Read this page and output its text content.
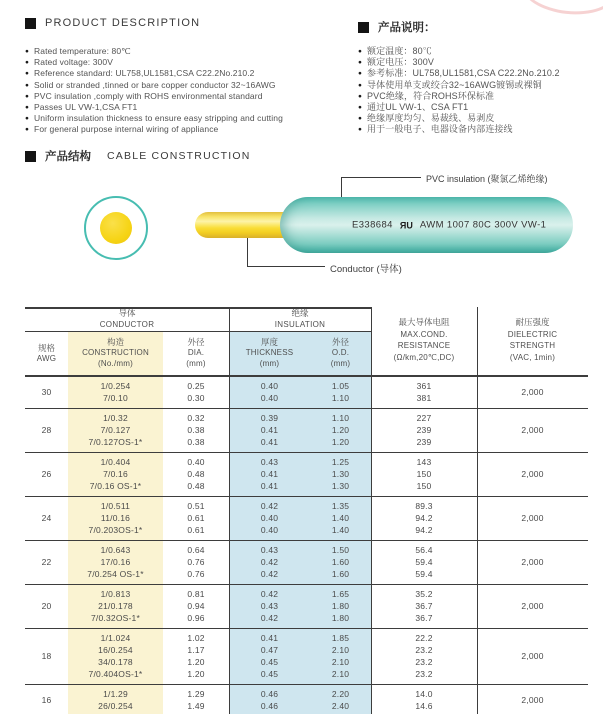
PRODUCT DESCRIPTION
● Rated temperature: 80℃
● Rated voltage: 300V
● Reference standard: UL758,UL1581,CSA C22.2No.210.2
● Solid or stranded ,tinned or bare copper conductor 32~16AWG
● PVC insulation ,comply with ROHS environmental standard
● Passes UL VW-1,CSA FT1
● Uniform insulation thickness to ensure easy stripping and cutting
● For general purpose internal wiring of appliance
产品说明：
● 额定温度：80℃
● 额定电压：300V
● 参考标准：UL758,UL1581,CSA C22.2No.210.2
● 导体使用单支或绞合32~16AWG镀锡或裸铜
● PVC绝缘，符合ROHS环保标准
● 通过UL VW-1、CSA FT1
● 绝缘厚度均匀、易裁线、易剥皮
● 用于一般电子、电器设备内部连接线
产品结构 CABLE CONSTRUCTION
E338684 ЯU AWM 1007 80C 300V VW-1
PVC insulation (聚氯乙烯绝缘)
Conductor (导体)
导体
CONDUCTOR
绝缘
INSULATION	最大导体电阻
MAX.COND.
RESISTANCE
(Ω/km,20℃,DC)
耐压强度
DIELECTRIC
STRENGTH
(VAC, 1min)
规格
AWG
构造
CONSTRUCTION
(No./mm)
外径
DIA.
(mm)
厚度
THICKNESS
(mm)
外径
O.D.
(mm)
30
1/0.254
7/0.10
0.25
0.30
0.40
0.40
1.05
1.10
361
381
2,000
28
1/0.32
7/0.127
7/0.127OS-1*
0.32
0.38
0.38
0.39
0.41
0.41
1.10
1.20
1.20
227
239
239
2,000
26
1/0.404
7/0.16
7/0.16 OS-1*
0.40
0.48
0.48
0.43
0.41
0.41
1.25
1.30
1.30
143
150
150
2,000
24
1/0.511
11/0.16
7/0.203OS-1*
0.51
0.61
0.61
0.42
0.40
0.40
1.35
1.40
1.40
89.3
94.2
94.2
2,000
22
1/0.643
17/0.16
7/0.254 OS-1*
0.64
0.76
0.76
0.43
0.42
0.42
1.50
1.60
1.60
56.4
59.4
59.4
2,000
20
1/0.813
21/0.178
7/0.32OS-1*
0.81
0.94
0.96
0.42
0.43
0.42
1.65
1.80
1.80
35.2
36.7
36.7
2,000
18
1/1.024
16/0.254
34/0.178
7/0.404OS-1*
1.02
1.17
1.20
1.20
0.41
0.47
0.45
0.45
1.85
2.10
2.10
2.10
22.2
23.2
23.2
23.2
2,000
16
1/1.29
26/0.254
1.29
1.49
0.46
0.46
2.20
2.40
14.0
14.6
2,000
